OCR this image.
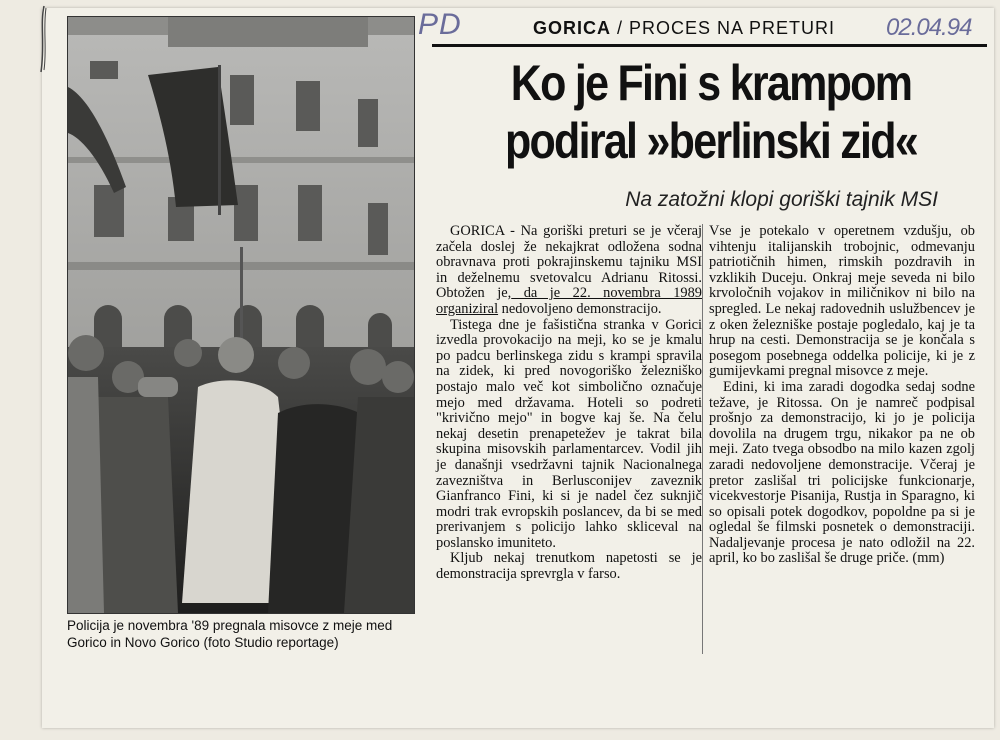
Policija je novembra '89 pregnala misovce z meje med Gorico in Novo Gorico (foto Studio reportage)
PD	GORICA / PROCES NA PRETURI 02.04.94
Ko je Fini s krampom
podiral »berlinski zid«
Na zatožni klopi goriški tajnik MSI

GORICA - Na goriški preturi se je včeraj začela doslej že nekajkrat odložena sodna obravnava proti pokrajinskemu tajniku MSI in deželnemu svetovalcu Adrianu Ritossi. Obtožen je, da je 22. novembra 1989 organiziral nedovoljeno demonstracijo.

Tistega dne je fašistična stranka v Gorici izvedla provokacijo na meji, ko se je kmalu po padcu berlinskega zidu s krampi spravila na zidek, ki pred novogoriško železniško postajo malo več kot simbolično označuje mejo med državama. Hoteli so podreti "krivično mejo" in bogve kaj še. Na čelu nekaj desetin prenapetežev je takrat bila skupina misovskih parlamentarcev. Vodil jih je današnji vsedržavni tajnik Nacionalnega zavezništva in Berlusconijev zaveznik Gianfranco Fini, ki si je nadel čez suknjič modri trak evropskih poslancev, da bi se med prerivanjem s policijo lahko skliceval na poslansko imuniteto.

Kljub nekaj trenutkom napetosti se je demonstracija sprevrgla v farso.

Vse je potekalo v operetnem vzdušju, ob vihtenju italijanskih trobojnic, odmevanju patriotičnih himen, rimskih pozdravih in vzklikih Duceju. Onkraj meje seveda ni bilo krvoločnih vojakov in miličnikov ni bilo na spregled. Le nekaj radovednih uslužbencev je z oken železniške postaje pogledalo, kaj je ta hrup na cesti. Demonstracija se je končala s posegom posebnega oddelka policije, ki je z gumijevkami pregnal misovce z meje.

Edini, ki ima zaradi dogodka sedaj sodne težave, je Ritossa. On je namreč podpisal prošnjo za demonstracijo, ki jo je policija dovolila na drugem trgu, nikakor pa ne ob meji. Zato tvega obsodbo na milo kazen zgolj zaradi nedovoljene demonstracije. Včeraj je pretor zaslišal tri policijske funkcionarje, vicekvestorje Pisanija, Rustja in Sparagno, ki so opisali potek dogodkov, popoldne pa si je ogledal še filmski posnetek o demonstraciji. Nadaljevanje procesa je nato odložil na 22. april, ko bo zaslišal še druge priče. (mm)
